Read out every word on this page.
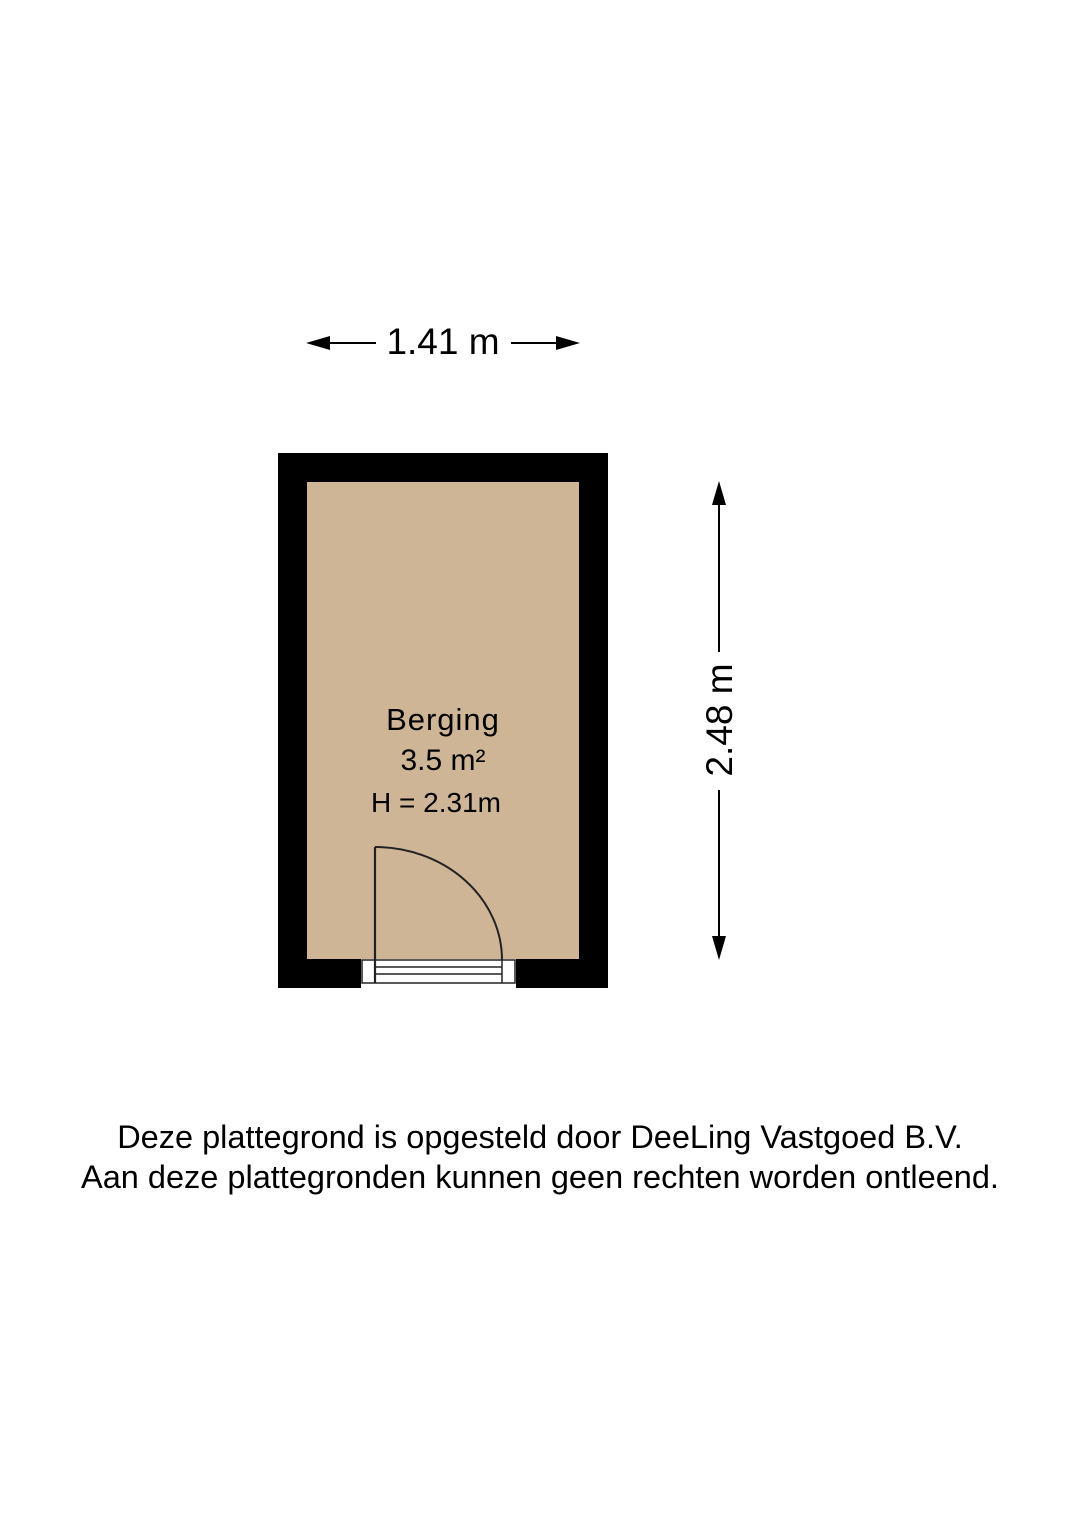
1.41 m
2.48 m
Berging
3.5 m²
H = 2.31m
Deze plattegrond is opgesteld door DeeLing Vastgoed B.V.
Aan deze plattegronden kunnen geen rechten worden ontleend.
